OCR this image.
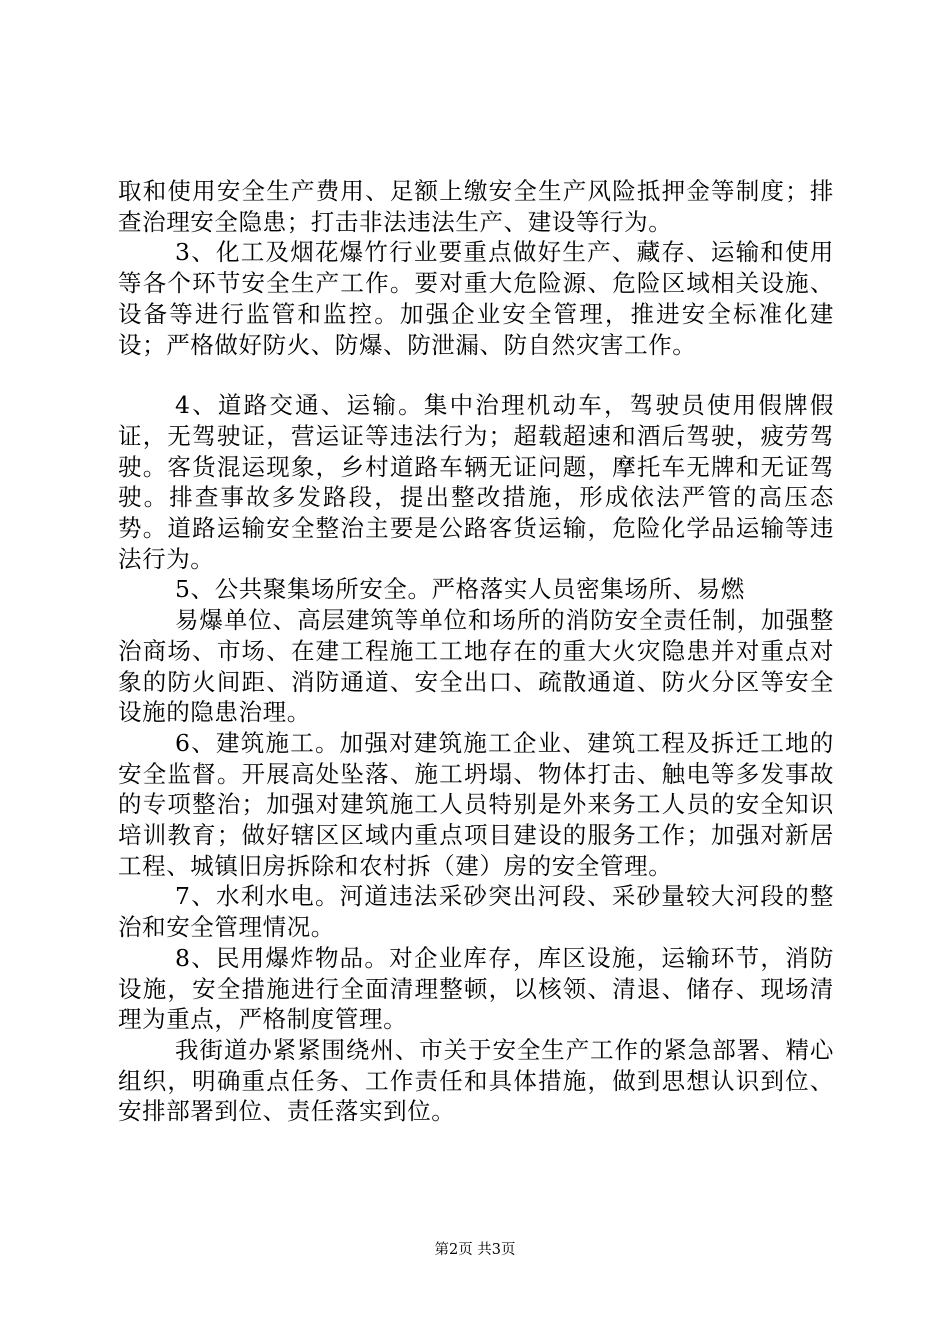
取和使用安全生产费用、足额上缴安全生产风险抵押金等制度；排查治理安全隐患；打击非法违法生产、建设等行为。

3、化工及烟花爆竹行业要重点做好生产、藏存、运输和使用等各个环节安全生产工作。要对重大危险源、危险区域相关设施、设备等进行监管和监控。加强企业安全管理，推进安全标准化建设；严格做好防火、防爆、防泄漏、防自然灾害工作。

4、道路交通、运输。集中治理机动车，驾驶员使用假牌假证，无驾驶证，营运证等违法行为；超载超速和酒后驾驶，疲劳驾驶。客货混运现象，乡村道路车辆无证问题，摩托车无牌和无证驾驶。排查事故多发路段，提出整改措施，形成依法严管的高压态势。道路运输安全整治主要是公路客货运输，危险化学品运输等违法行为。

5、公共聚集场所安全。严格落实人员密集场所、易燃

易爆单位、高层建筑等单位和场所的消防安全责任制，加强整治商场、市场、在建工程施工工地存在的重大火灾隐患并对重点对象的防火间距、消防通道、安全出口、疏散通道、防火分区等安全设施的隐患治理。

6、建筑施工。加强对建筑施工企业、建筑工程及拆迁工地的安全监督。开展高处坠落、施工坍塌、物体打击、触电等多发事故的专项整治；加强对建筑施工人员特别是外来务工人员的安全知识培训教育；做好辖区区域内重点项目建设的服务工作；加强对新居工程、城镇旧房拆除和农村拆（建）房的安全管理。

7、水利水电。河道违法采砂突出河段、采砂量较大河段的整治和安全管理情况。

8、民用爆炸物品。对企业库存，库区设施，运输环节，消防设施，安全措施进行全面清理整顿，以核领、清退、储存、现场清理为重点，严格制度管理。

我街道办紧紧围绕州、市关于安全生产工作的紧急部署、精心组织，明确重点任务、工作责任和具体措施，做到思想认识到位、安排部署到位、责任落实到位。

第2页 共3页
